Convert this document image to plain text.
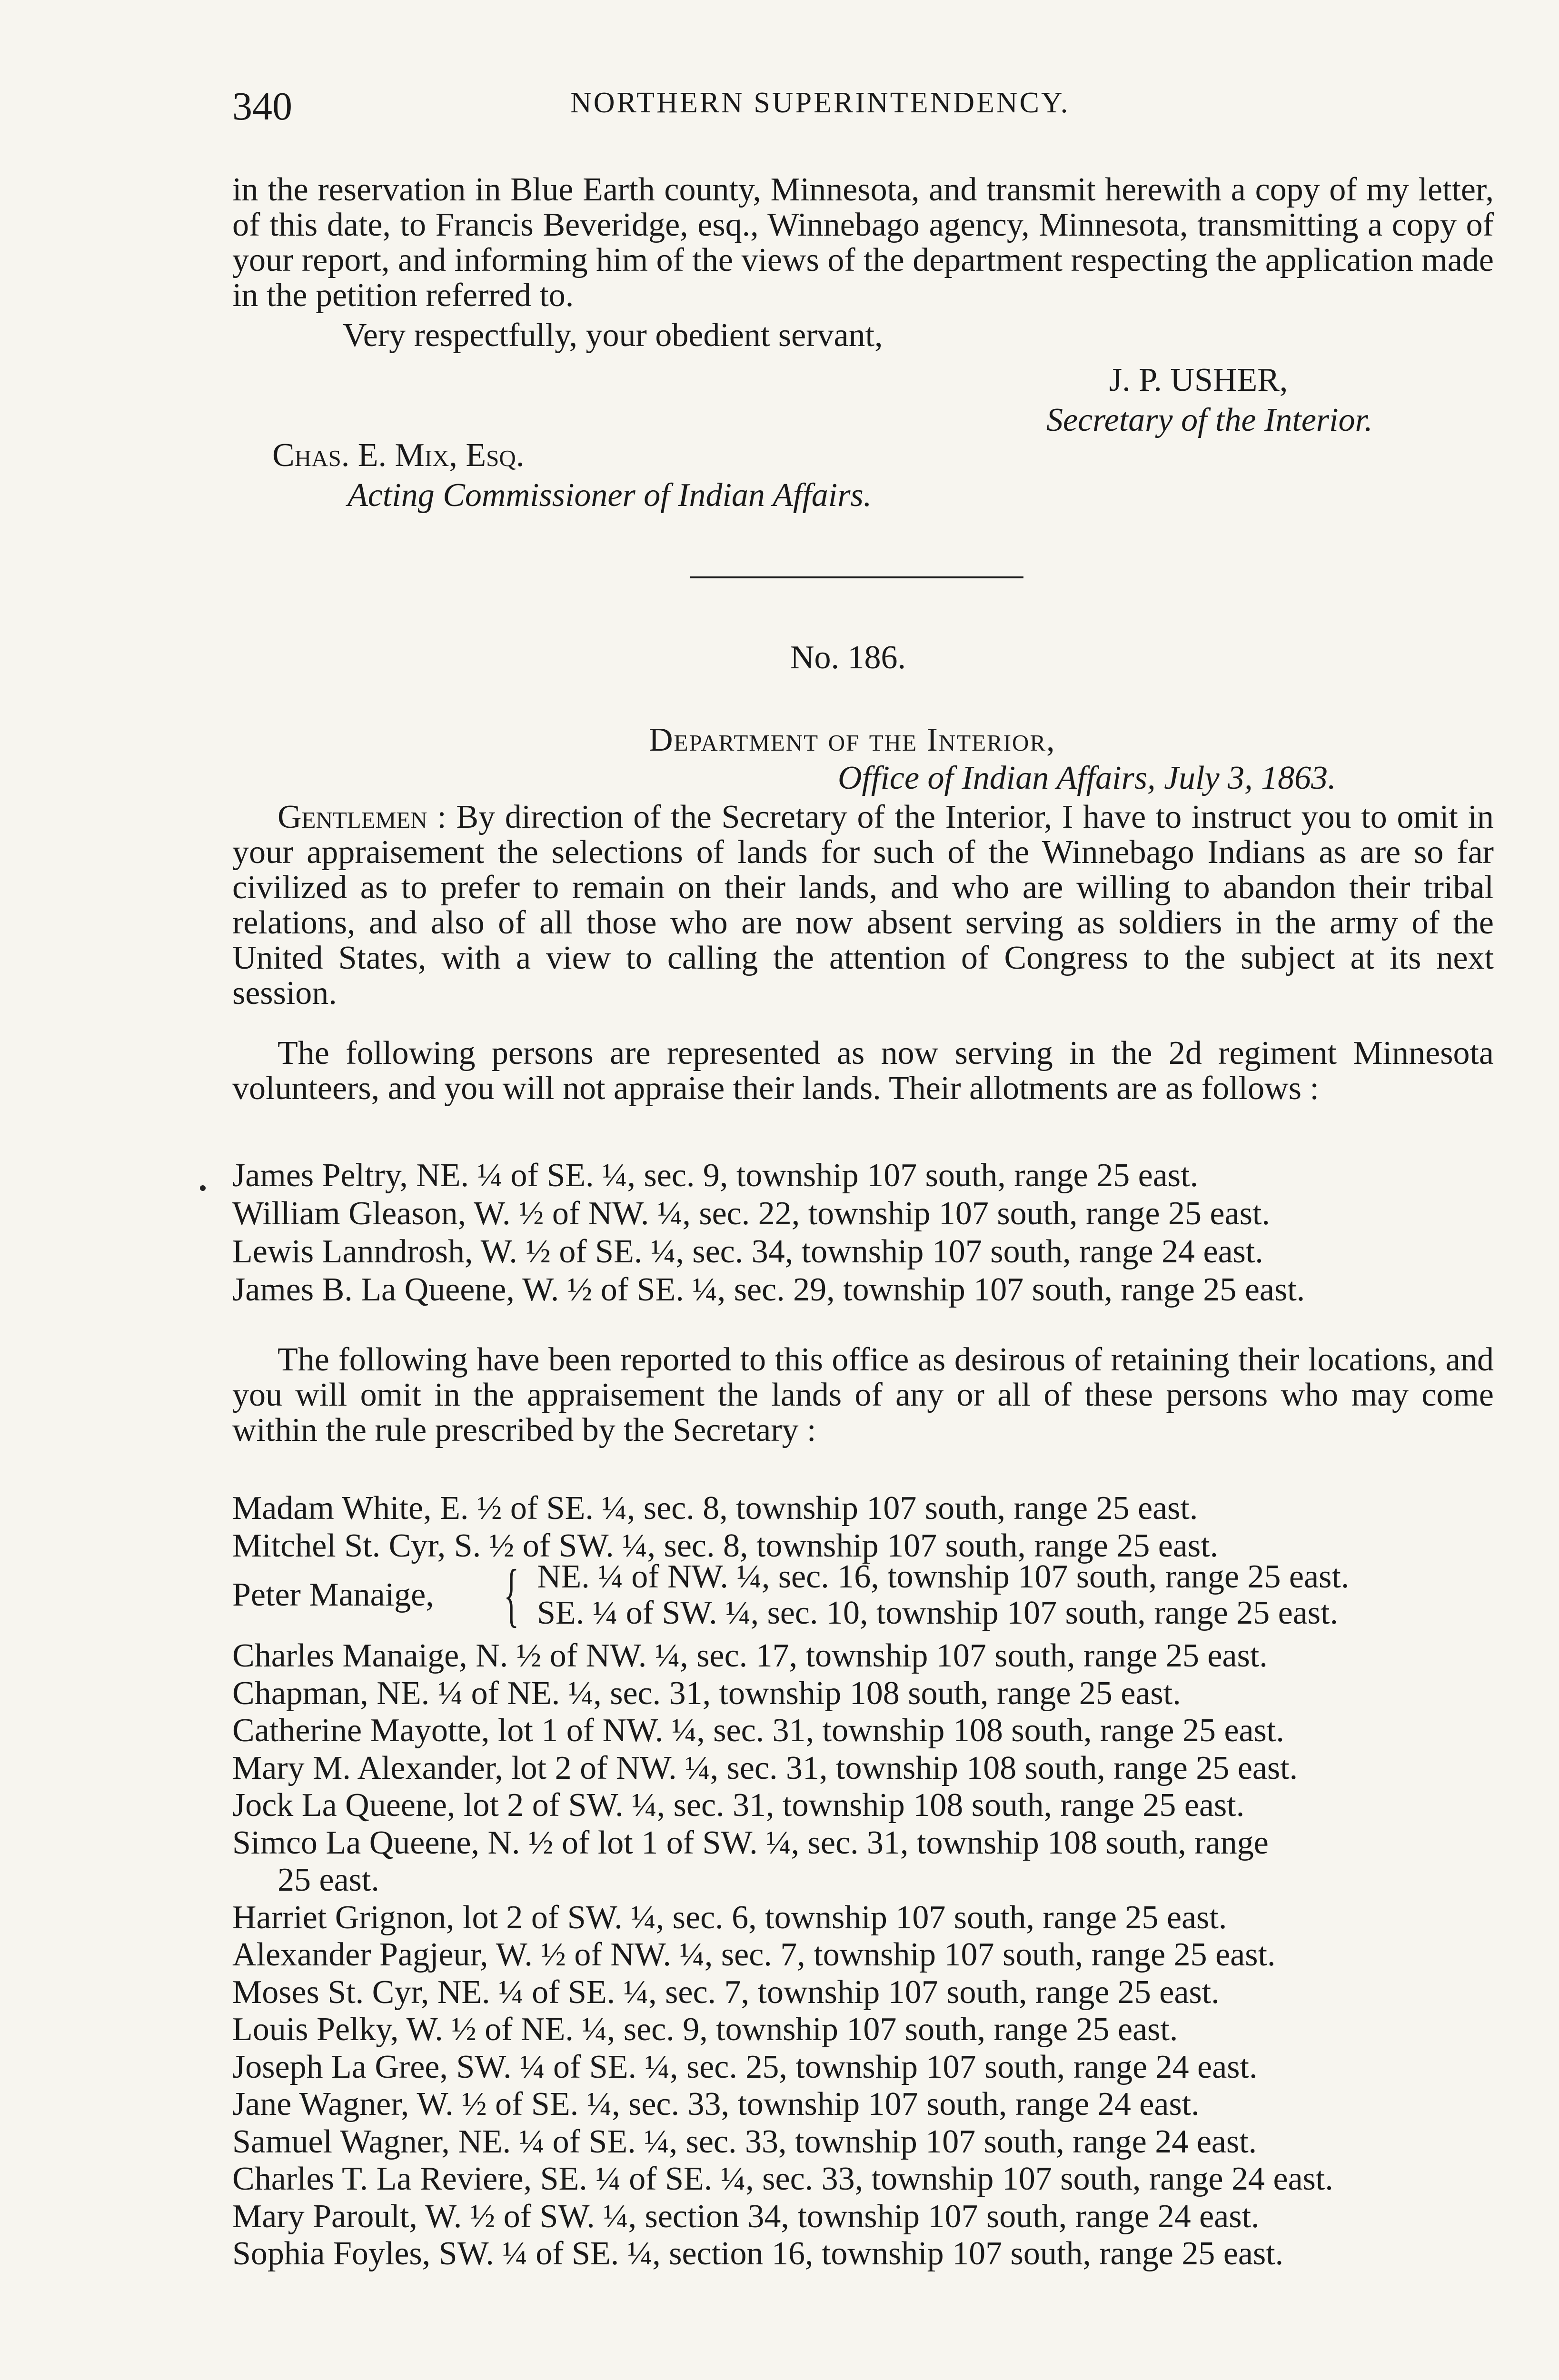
340	NORTHERN SUPERINTENDENCY.
in the reservation in Blue Earth county, Minnesota, and transmit herewith a copy of my letter, of this date, to Francis Beveridge, esq., Winnebago agency, Minnesota, transmitting a copy of your report, and informing him of the views of the department respecting the application made in the petition referred to.
Very respectfully, your obedient servant,
J. P. USHER,
Secretary of the Interior.
Chas. E. Mix, Esq.
Acting Commissioner of Indian Affairs.
No. 186.
Department of the Interior,
Office of Indian Affairs, July 3, 1863.
Gentlemen : By direction of the Secretary of the Interior, I have to instruct you to omit in your appraisement the selections of lands for such of the Winnebago Indians as are so far civilized as to prefer to remain on their lands, and who are willing to abandon their tribal relations, and also of all those who are now absent serving as soldiers in the army of the United States, with a view to calling the attention of Congress to the subject at its next session.
The following persons are represented as now serving in the 2d regiment Minnesota volunteers, and you will not appraise their lands. Their allotments are as follows :
James Peltry, NE. ¼ of SE. ¼, sec. 9, township 107 south, range 25 east.
William Gleason, W. ½ of NW. ¼, sec. 22, township 107 south, range 25 east.
Lewis Lanndrosh, W. ½ of SE. ¼, sec. 34, township 107 south, range 24 east.
James B. La Queene, W. ½ of SE. ¼, sec. 29, township 107 south, range 25 east.
The following have been reported to this office as desirous of retaining their locations, and you will omit in the appraisement the lands of any or all of these persons who may come within the rule prescribed by the Secretary :
Madam White, E. ½ of SE. ¼, sec. 8, township 107 south, range 25 east.
Mitchel St. Cyr, S. ½ of SW. ¼, sec. 8, township 107 south, range 25 east.
Peter Manaige, { NE. ¼ of NW. ¼, sec. 16, township 107 south, range 25 east.
SE. ¼ of SW. ¼, sec. 10, township 107 south, range 25 east.
Charles Manaige, N. ½ of NW. ¼, sec. 17, township 107 south, range 25 east.
Chapman, NE. ¼ of NE. ¼, sec. 31, township 108 south, range 25 east.
Catherine Mayotte, lot 1 of NW. ¼, sec. 31, township 108 south, range 25 east.
Mary M. Alexander, lot 2 of NW. ¼, sec. 31, township 108 south, range 25 east.
Jock La Queene, lot 2 of SW. ¼, sec. 31, township 108 south, range 25 east.
Simco La Queene, N. ½ of lot 1 of SW. ¼, sec. 31, township 108 south, range
25 east.
Harriet Grignon, lot 2 of SW. ¼, sec. 6, township 107 south, range 25 east.
Alexander Pagjeur, W. ½ of NW. ¼, sec. 7, township 107 south, range 25 east.
Moses St. Cyr, NE. ¼ of SE. ¼, sec. 7, township 107 south, range 25 east.
Louis Pelky, W. ½ of NE. ¼, sec. 9, township 107 south, range 25 east.
Joseph La Gree, SW. ¼ of SE. ¼, sec. 25, township 107 south, range 24 east.
Jane Wagner, W. ½ of SE. ¼, sec. 33, township 107 south, range 24 east.
Samuel Wagner, NE. ¼ of SE. ¼, sec. 33, township 107 south, range 24 east.
Charles T. La Reviere, SE. ¼ of SE. ¼, sec. 33, township 107 south, range 24 east.
Mary Paroult, W. ½ of SW. ¼, section 34, township 107 south, range 24 east.
Sophia Foyles, SW. ¼ of SE. ¼, section 16, township 107 south, range 25 east.
